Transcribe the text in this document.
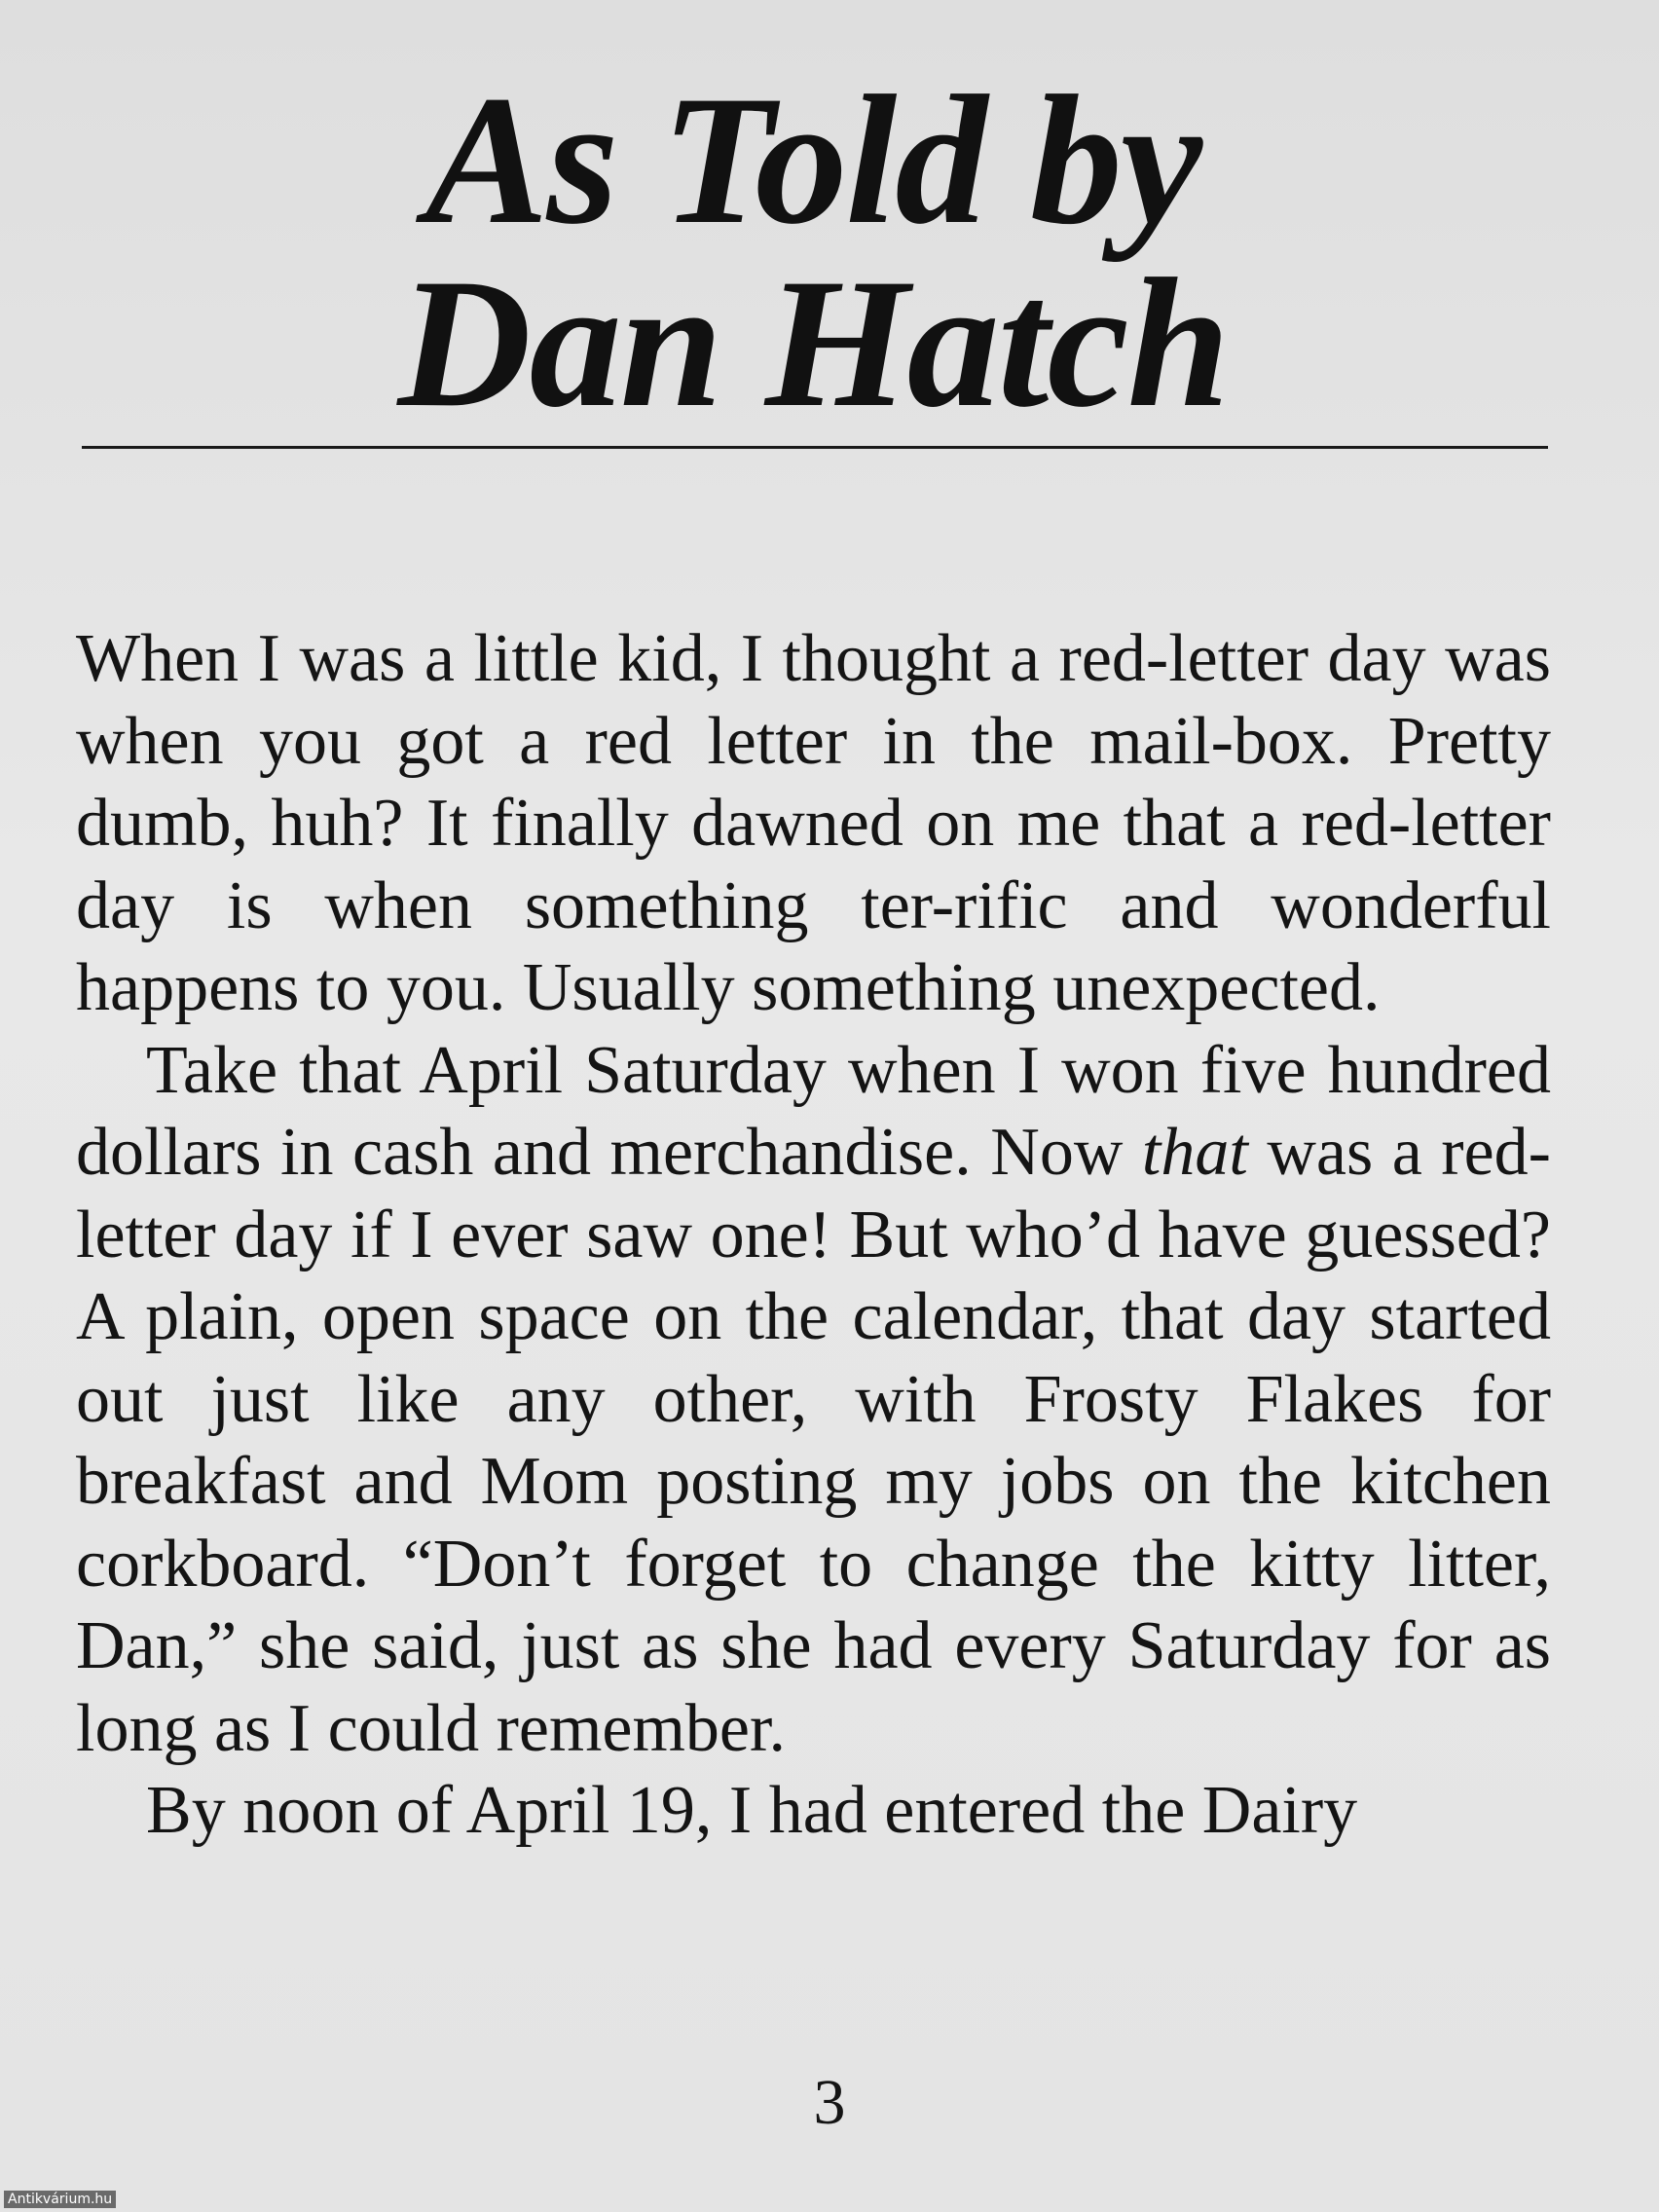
As Told by
Dan Hatch

When I was a little kid, I thought a red-letter day was when you got a red letter in the mail-box. Pretty dumb, huh? It finally dawned on me that a red-letter day is when something ter-rific and wonderful happens to you. Usually something unexpected.

Take that April Saturday when I won five hundred dollars in cash and merchandise. Now that was a red-letter day if I ever saw one! But who’d have guessed? A plain, open space on the calendar, that day started out just like any other, with Frosty Flakes for breakfast and Mom posting my jobs on the kitchen corkboard. “Don’t forget to change the kitty litter, Dan,” she said, just as she had every Saturday for as long as I could remember.

By noon of April 19, I had entered the Dairy

3
Antikvárium.hu
